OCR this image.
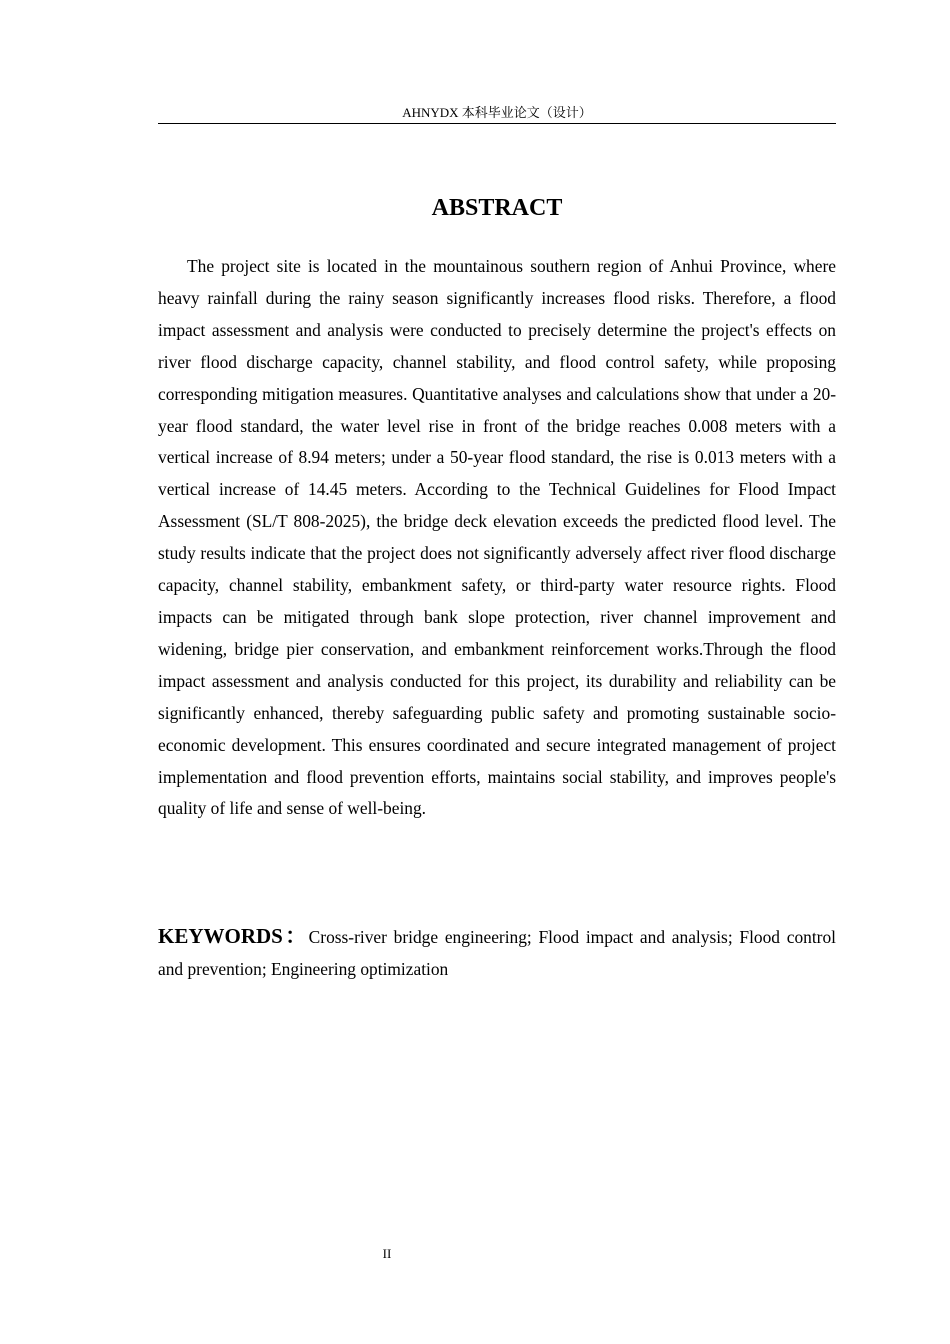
AHNYDX 本科毕业论文（设计）
ABSTRACT

The project site is located in the mountainous southern region of Anhui Province, where heavy rainfall during the rainy season significantly increases flood risks. Therefore, a flood impact assessment and analysis were conducted to precisely determine the project's effects on river flood discharge capacity, channel stability, and flood control safety, while proposing corresponding mitigation measures. Quantitative analyses and calculations show that under a 20-year flood standard, the water level rise in front of the bridge reaches 0.008 meters with a vertical increase of 8.94 meters; under a 50-year flood standard, the rise is 0.013 meters with a vertical increase of 14.45 meters. According to the Technical Guidelines for Flood Impact Assessment (SL/T 808-2025), the bridge deck elevation exceeds the predicted flood level. The study results indicate that the project does not significantly adversely affect river flood discharge capacity, channel stability, embankment safety, or third-party water resource rights. Flood impacts can be mitigated through bank slope protection, river channel improvement and widening, bridge pier conservation, and embankment reinforcement works.Through the flood impact assessment and analysis conducted for this project, its durability and reliability can be significantly enhanced, thereby safeguarding public safety and promoting sustainable socio-economic development. This ensures coordinated and secure integrated management of project implementation and flood prevention efforts, maintains social stability, and improves people's quality of life and sense of well-being.

KEYWORDS：Cross-river bridge engineering; Flood impact and analysis; Flood control and prevention; Engineering optimization

II
